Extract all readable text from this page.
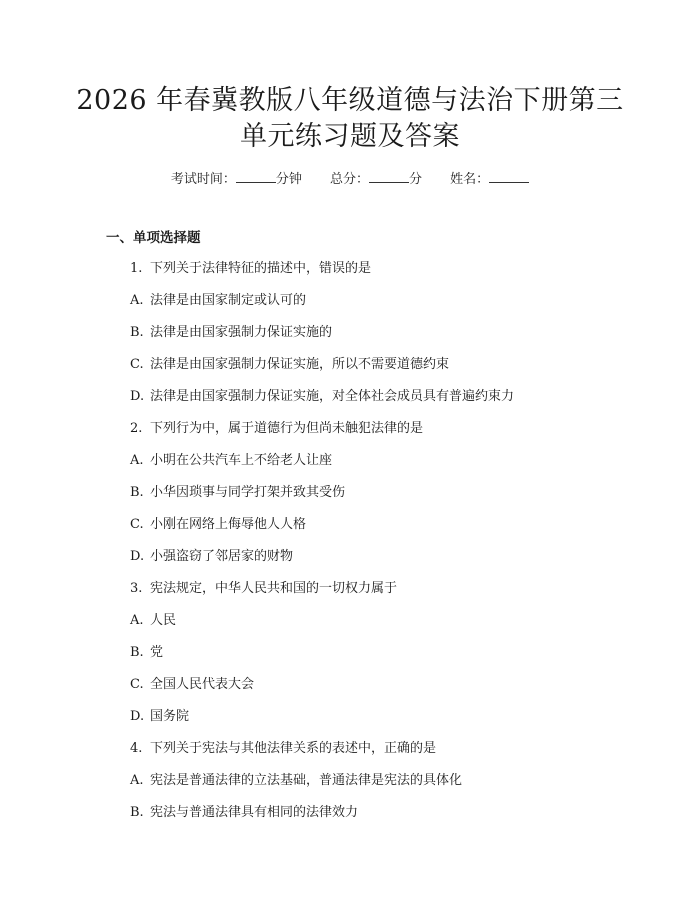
2026 年春冀教版八年级道德与法治下册第三
单元练习题及答案
考试时间：	分钟 总分：	分 姓名：
一、单项选择题
1. 下列关于法律特征的描述中，错误的是
A. 法律是由国家制定或认可的
B. 法律是由国家强制力保证实施的
C. 法律是由国家强制力保证实施，所以不需要道德约束
D. 法律是由国家强制力保证实施，对全体社会成员具有普遍约束力
2. 下列行为中，属于道德行为但尚未触犯法律的是
A. 小明在公共汽车上不给老人让座
B. 小华因琐事与同学打架并致其受伤
C. 小刚在网络上侮辱他人人格
D. 小强盗窃了邻居家的财物
3. 宪法规定，中华人民共和国的一切权力属于
A. 人民
B. 党
C. 全国人民代表大会
D. 国务院
4. 下列关于宪法与其他法律关系的表述中，正确的是
A. 宪法是普通法律的立法基础，普通法律是宪法的具体化
B. 宪法与普通法律具有相同的法律效力
